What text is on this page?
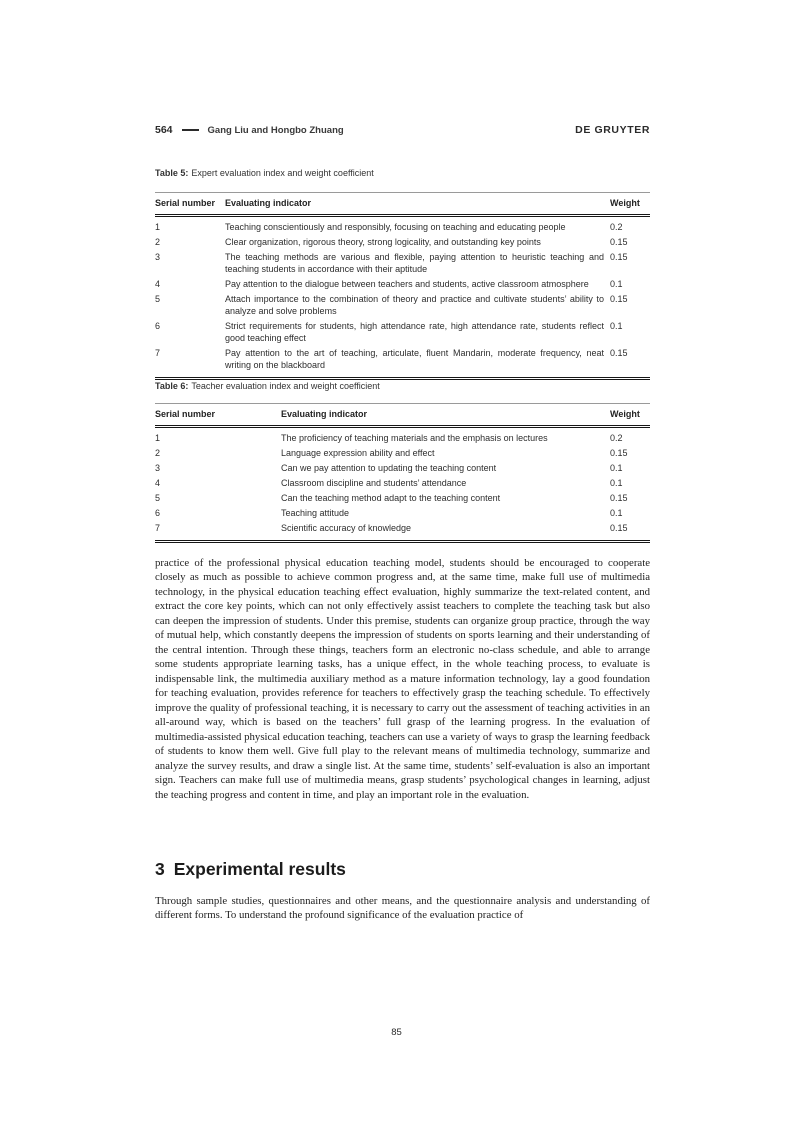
564	Gang Liu and Hongbo Zhuang	DE GRUYTER
Table 5: Expert evaluation index and weight coefficient
Serial number	Evaluating indicator	Weight
1	Teaching conscientiously and responsibly, focusing on teaching and educating people	0.2
2	Clear organization, rigorous theory, strong logicality, and outstanding key points	0.15
3	The teaching methods are various and flexible, paying attention to heuristic teaching and teaching students in accordance with their aptitude	0.15
4	Pay attention to the dialogue between teachers and students, active classroom atmosphere	0.1
5	Attach importance to the combination of theory and practice and cultivate students’ ability to analyze and solve problems	0.15
6	Strict requirements for students, high attendance rate, high attendance rate, students reflect good teaching effect	0.1
7	Pay attention to the art of teaching, articulate, fluent Mandarin, moderate frequency, neat writing on the blackboard	0.15
Table 6: Teacher evaluation index and weight coefficient
Serial number	Evaluating indicator	Weight
1	The proficiency of teaching materials and the emphasis on lectures	0.2
2	Language expression ability and effect	0.15
3	Can we pay attention to updating the teaching content	0.1
4	Classroom discipline and students’ attendance	0.1
5	Can the teaching method adapt to the teaching content	0.15
6	Teaching attitude	0.1
7	Scientific accuracy of knowledge	0.15

practice of the professional physical education teaching model, students should be encouraged to cooperate closely as much as possible to achieve common progress and, at the same time, make full use of multimedia technology, in the physical education teaching effect evaluation, highly summarize the text-related content, and extract the core key points, which can not only effectively assist teachers to complete the teaching task but also can deepen the impression of students. Under this premise, students can organize group practice, through the way of mutual help, which constantly deepens the impression of students on sports learning and their understanding of the central intention. Through these things, teachers form an electronic no-class schedule, and able to arrange some students appropriate learning tasks, has a unique effect, in the whole teaching process, to evaluate is indispensable link, the multimedia auxiliary method as a mature information technology, lay a good foundation for teaching evaluation, provides reference for teachers to effectively grasp the teaching schedule. To effectively improve the quality of professional teaching, it is necessary to carry out the assessment of teaching activities in an all-around way, which is based on the teachers’ full grasp of the learning progress. In the evaluation of multimedia-assisted physical education teaching, teachers can use a variety of ways to grasp the learning feedback of students to know them well. Give full play to the relevant means of multimedia technology, summarize and analyze the survey results, and draw a single list. At the same time, students’ self-evaluation is also an important sign. Teachers can make full use of multimedia means, grasp students’ psychological changes in learning, adjust the teaching progress and content in time, and play an important role in the evaluation.

3 Experimental results

Through sample studies, questionnaires and other means, and the questionnaire analysis and understanding of different forms. To understand the profound significance of the evaluation practice of

85
